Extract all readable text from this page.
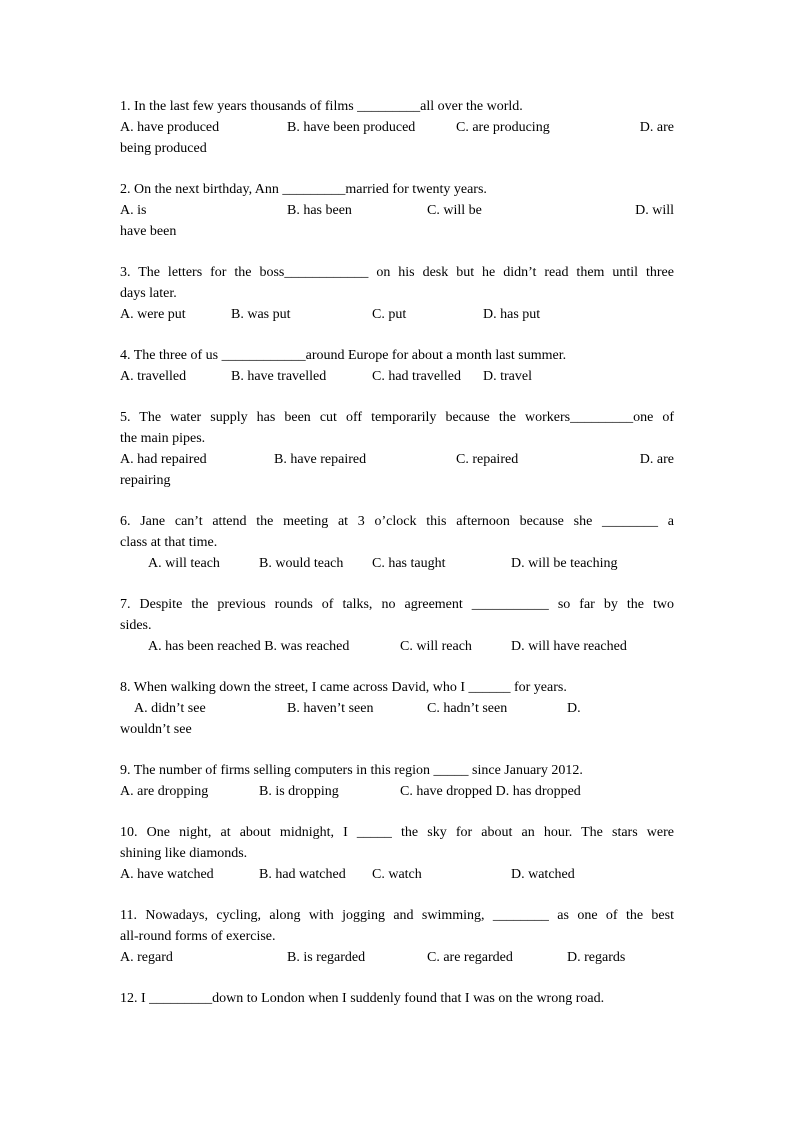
1. In the last few years thousands of films _________all over the world.
A. have produced	B. have been produced	C. are producing	D. are
being produced
2. On the next birthday, Ann _________married for twenty years.
A. is	B. has been	C. will be	D. will
have been
3. The letters for the boss____________ on his desk but he didn’t read them until three
days later.
A. were put	B. was put	C. put	D. has put
4. The three of us ____________around Europe for about a month last summer.
A. travelled	B. have travelled	C. had travelled D. travel
5. The water supply has been cut off temporarily because the workers_________one of
the main pipes.
A. had repaired	B. have repaired	C. repaired	D. are
repairing
6. Jane can’t attend the meeting at 3 o’clock this afternoon because she ________ a
class at that time.
A. will teach	B. would teach C. has taught	D. will be teaching
7. Despite the previous rounds of talks, no agreement ___________ so far by the two
sides.
A. has been reached B. was reached	C. will reach	D. will have reached
8. When walking down the street, I came across David, who I ______ for years.
A. didn’t see	B. haven’t seen	C. hadn’t seen	D.
wouldn’t see
9. The number of firms selling computers in this region _____ since January 2012.
A. are dropping	B. is dropping	C. have dropped D. has dropped
10. One night, at about midnight, I _____ the sky for about an hour. The stars were
shining like diamonds.
A. have watched	B. had watched C. watch	D. watched
11. Nowadays, cycling, along with jogging and swimming, ________ as one of the best
all-round forms of exercise.
A. regard	B. is regarded	C. are regarded	D. regards
12. I _________down to London when I suddenly found that I was on the wrong road.
